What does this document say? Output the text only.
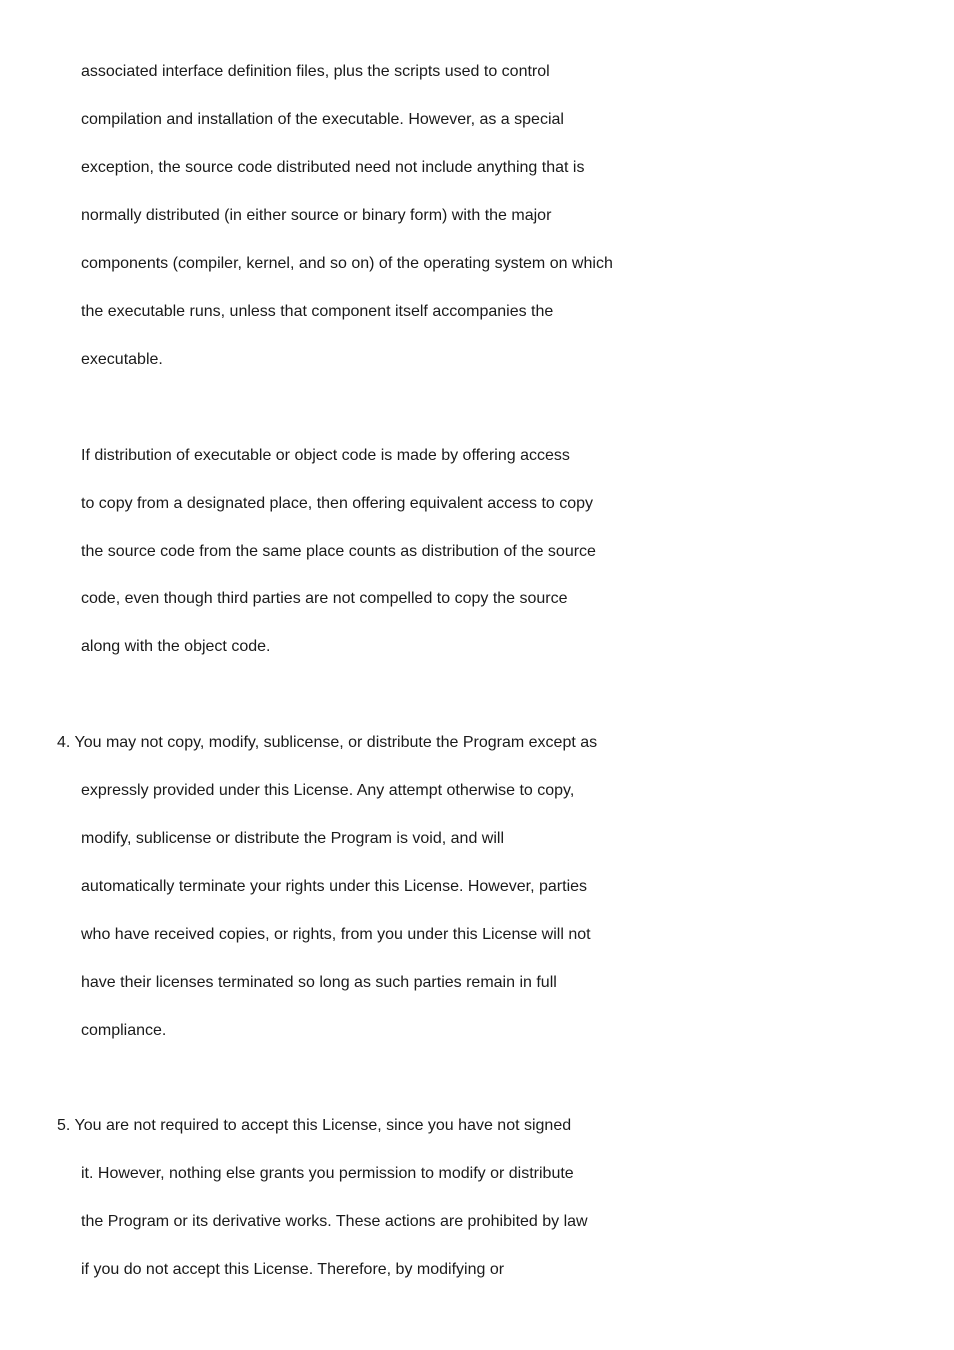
associated interface definition files, plus the scripts used to control
compilation and installation of the executable. However, as a special
exception, the source code distributed need not include anything that is
normally distributed (in either source or binary form) with the major
components (compiler, kernel, and so on) of the operating system on which
the executable runs, unless that component itself accompanies the
executable.
If distribution of executable or object code is made by offering access
to copy from a designated place, then offering equivalent access to copy
the source code from the same place counts as distribution of the source
code, even though third parties are not compelled to copy the source
along with the object code.
4. You may not copy, modify, sublicense, or distribute the Program except as
expressly provided under this License. Any attempt otherwise to copy,
modify, sublicense or distribute the Program is void, and will
automatically terminate your rights under this License. However, parties
who have received copies, or rights, from you under this License will not
have their licenses terminated so long as such parties remain in full
compliance.
5. You are not required to accept this License, since you have not signed
it. However, nothing else grants you permission to modify or distribute
the Program or its derivative works. These actions are prohibited by law
if you do not accept this License. Therefore, by modifying or
